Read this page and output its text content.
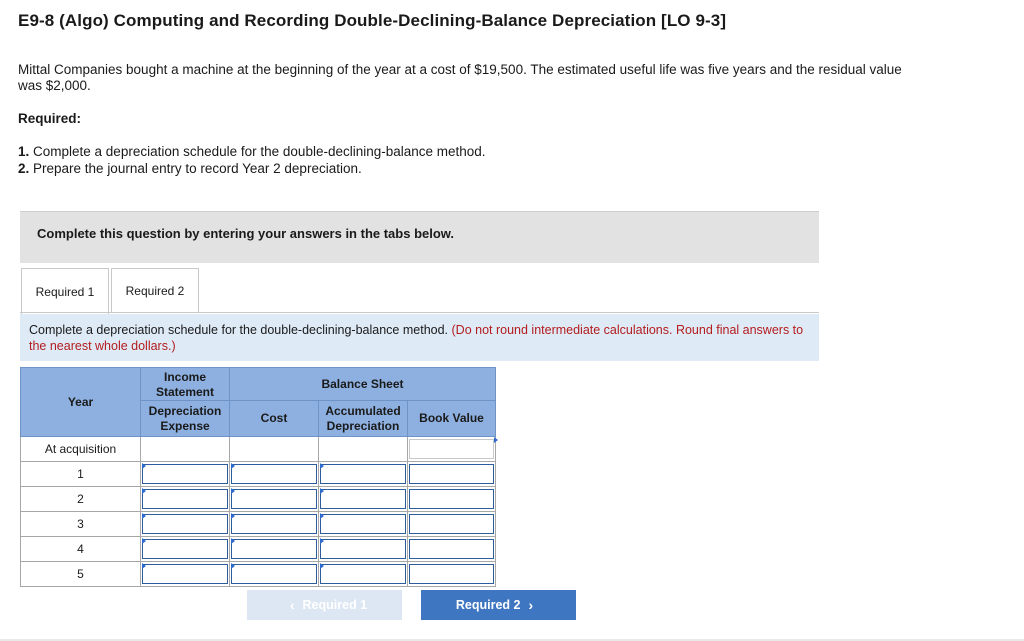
E9-8 (Algo) Computing and Recording Double-Declining-Balance Depreciation [LO 9-3]
Mittal Companies bought a machine at the beginning of the year at a cost of $19,500. The estimated useful life was five years and the residual value was $2,000.
Required:
1. Complete a depreciation schedule for the double-declining-balance method.
2. Prepare the journal entry to record Year 2 depreciation.
Complete this question by entering your answers in the tabs below.
Required 1	Required 2
Complete a depreciation schedule for the double-declining-balance method. (Do not round intermediate calculations. Round final answers to the nearest whole dollars.)
Year	Income Statement	Balance Sheet		
	Depreciation Expense	Cost	Accumulated Depreciation	Book Value
At acquisition				

1	

2	

3	

4	

5	

‹ Required 1	Required 2 ›
